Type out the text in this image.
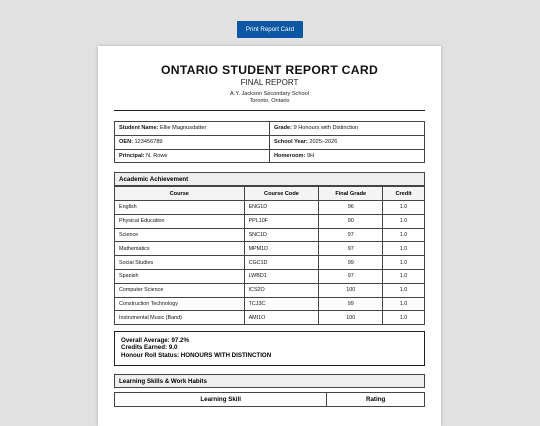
Print Report Card
ONTARIO STUDENT REPORT CARD
FINAL REPORT
A.Y. Jackson Secondary School
Toronto, Ontario
Student Name: Ellie Magnusdatter	Grade: 9 Honours with Distinction
OEN: 123456789	School Year: 2025–2026
Principal: N. Rowe	Homeroom: 9H
Academic Achievement
Course	Course Code	Final Grade	Credit
English	ENG1D	96	1.0
Physical Education	PPL10F	90	1.0
Science	SNC1D	97	1.0
Mathematics	MPM1D	97	1.0
Social Studies	CGC1D	99	1.0
Spanish	LWBD1	97	1.0
Computer Science	ICS2O	100	1.0
Construction Technology	TCJ3C	99	1.0
Instrumental Music (Band)	AMI1O	100	1.0
Overall Average: 97.2%
Credits Earned: 9.0
Honour Roll Status: HONOURS WITH DISTINCTION
Learning Skills & Work Habits
Learning Skill	Rating
